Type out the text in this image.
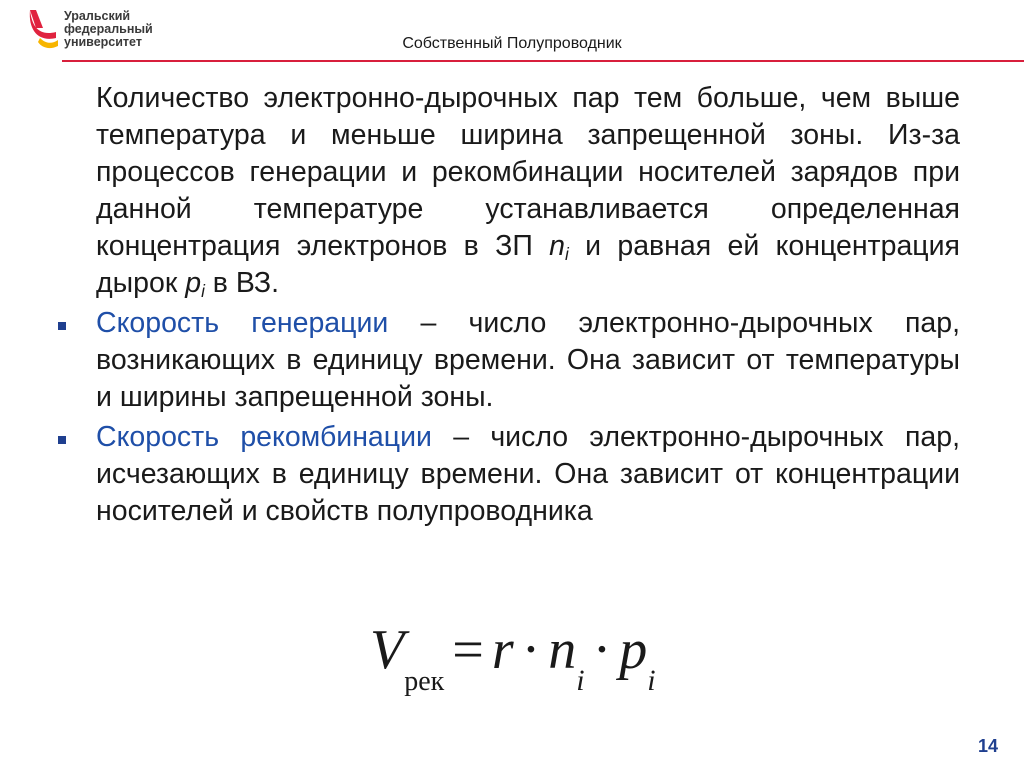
Уральский
федеральный
университет	Собственный Полупроводник

Количество электронно-дырочных пар тем больше, чем выше температура и меньше ширина запрещенной зоны. Из-за процессов генерации и рекомбинации носителей зарядов при данной температуре устанавливается определенная концентрация электронов в ЗП $n_i$ и равная ей концентрация дырок $p_i$ в ВЗ.

Скорость генерации – число электронно-дырочных пар, возникающих в единицу времени. Она зависит от температуры и ширины запрещенной зоны.

Скорость рекомбинации – число электронно-дырочных пар, исчезающих в единицу времени. Она зависит от концентрации носителей и свойств полупроводника

$V_{рек}= r \cdot n_i \cdot p_i$
14
